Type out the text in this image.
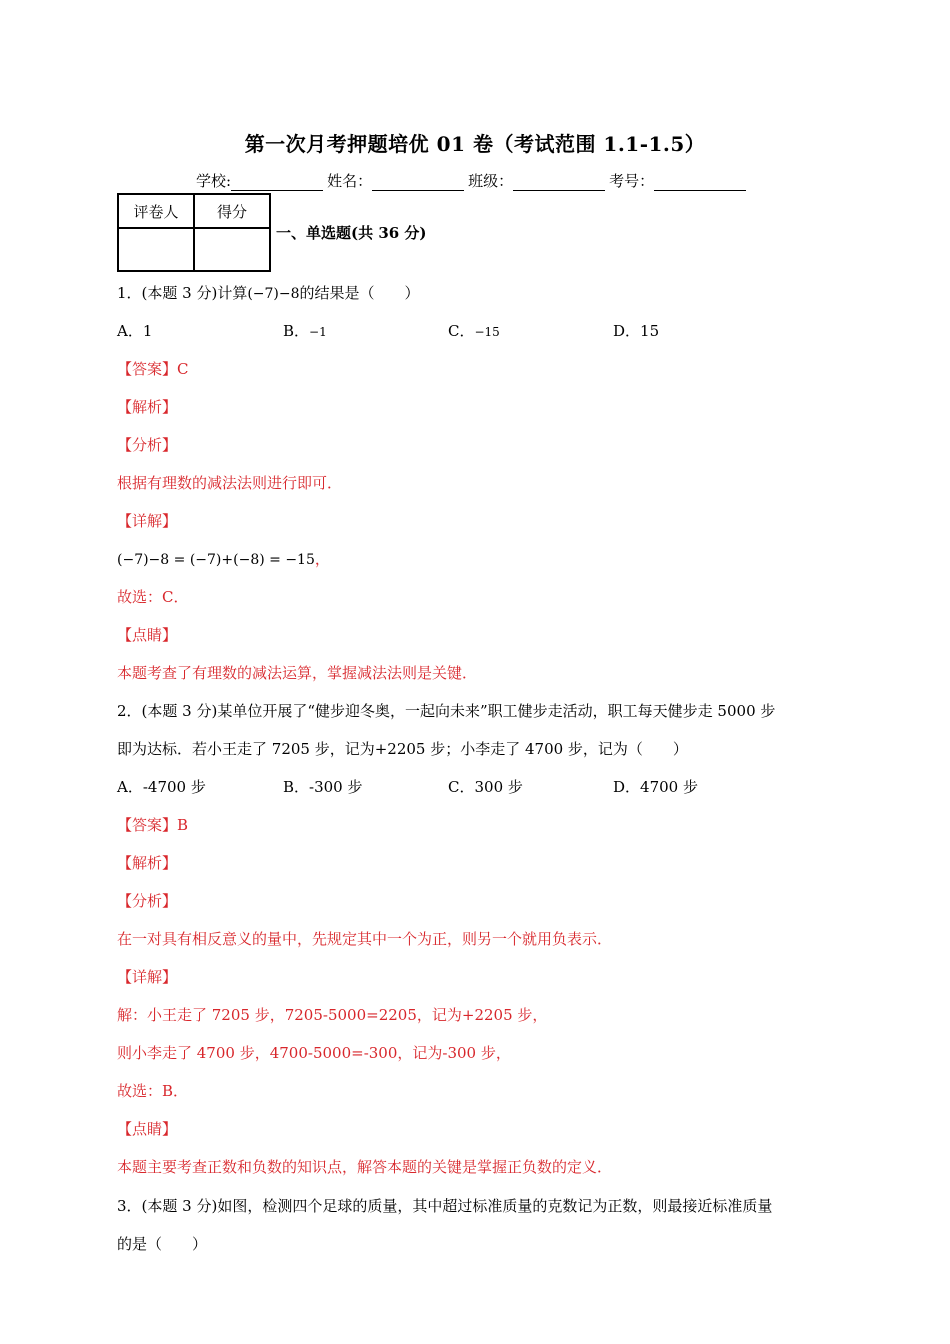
第一次月考押题培优 01 卷（考试范围 1.1-1.5）
学校:	姓名：	班级：	考号：
评卷人	得分

一、单选题(共 36 分)
1．(本题 3 分)计算(−7)−8的结果是（　　）
A．1	B．−1	C．−15	D．15
【答案】C
【解析】
【分析】
根据有理数的减法法则进行即可．
【详解】
(−7)−8 = (−7)+(−8) = −15，
故选：C．
【点睛】
本题考查了有理数的减法运算，掌握减法法则是关键．
2．(本题 3 分)某单位开展了“健步迎冬奥，一起向未来”职工健步走活动，职工每天健步走 5000 步
即为达标．若小王走了 7205 步，记为+2205 步；小李走了 4700 步，记为（　　）
A．-4700 步	B．-300 步	C．300 步	D．4700 步
【答案】B
【解析】
【分析】
在一对具有相反意义的量中，先规定其中一个为正，则另一个就用负表示．
【详解】
解：小王走了 7205 步，7205-5000=2205，记为+2205 步，
则小李走了 4700 步，4700-5000=-300，记为-300 步，
故选：B．
【点睛】
本题主要考查正数和负数的知识点，解答本题的关键是掌握正负数的定义．
3．(本题 3 分)如图，检测四个足球的质量，其中超过标准质量的克数记为正数，则最接近标准质量
的是（　　）
